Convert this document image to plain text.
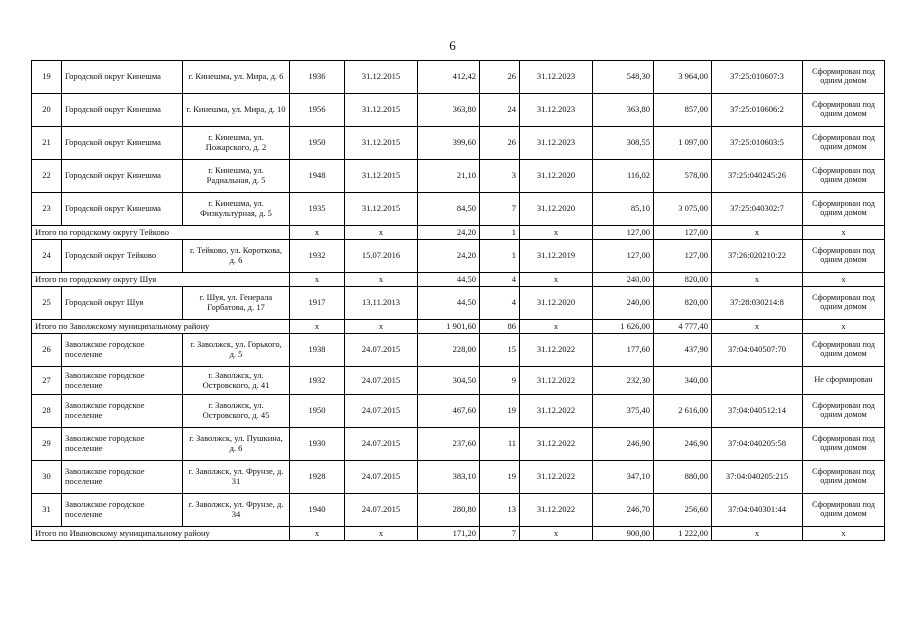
6
19	Городской округ Кинешма	г. Кинешма, ул. Мира, д. 6	1936	31.12.2015	412,42	26	31.12.2023	548,30	3 964,00	37:25:010607:3	Сформирован под одним домом
20	Городской округ Кинешма	г. Кинешма, ул. Мира, д. 10	1956	31.12.2015	363,80	24	31.12.2023	363,80	857,00	37:25:010606:2	Сформирован под одним домом
21	Городской округ Кинешма	г. Кинешма, ул. Пожарского, д. 2	1950	31.12.2015	399,60	26	31.12.2023	308,55	1 097,00	37:25:010603:5	Сформирован под одним домом
22	Городской округ Кинешма	г. Кинешма, ул. Радиальная, д. 5	1948	31.12.2015	21,10	3	31.12.2020	116,02	578,00	37:25:040245:26	Сформирован под одним домом
23	Городской округ Кинешма	г. Кинешма, ул. Физкультурная, д. 5	1935	31.12.2015	84,50	7	31.12.2020	85,10	3 075,00	37:25:040302:7	Сформирован под одним домом
Итого по городскому округу Тейково			x	x	24,20	1	x	127,00	127,00	x	x
24	Городской округ Тейково	г. Тейково, ул. Короткова, д. 6	1932	15.07.2016	24,20	1	31.12.2019	127,00	127,00	37:26:020210:22	Сформирован под одним домом
Итого по городскому округу Шуя			x	x	44,50	4	x	240,00	820,00	x	x
25	Городской округ Шуя	г. Шуя, ул. Генерала Горбатова, д. 17	1917	13.11.2013	44,50	4	31.12.2020	240,00	820,00	37:28:030214:8	Сформирован под одним домом
Итого по Заволжскому муниципальному району			x	x	1 901,60	86	x	1 626,00	4 777,40	x	x
26	Заволжское городское поселение	г. Заволжск, ул. Горького, д. 5	1938	24.07.2015	228,00	15	31.12.2022	177,60	437,90	37:04:040507:70	Сформирован под одним домом
27	Заволжское городское поселение	г. Заволжск, ул. Островского, д. 41	1932	24.07.2015	304,50	9	31.12.2022	232,30	340,00		Не сформирован
28	Заволжское городское поселение	г. Заволжск, ул. Островского, д. 45	1950	24.07.2015	467,60	19	31.12.2022	375,40	2 616,00	37:04:040512:14	Сформирован под одним домом
29	Заволжское городское поселение	г. Заволжск, ул. Пушкина, д. 6	1930	24.07.2015	237,60	11	31.12.2022	246,90	246,90	37:04:040205:58	Сформирован под одним домом
30	Заволжское городское поселение	г. Заволжск, ул. Фрунзе, д. 31	1928	24.07.2015	383,10	19	31.12.2022	347,10	880,00	37:04:040205:215	Сформирован под одним домом
31	Заволжское городское поселение	г. Заволжск, ул. Фрунзе, д. 34	1940	24.07.2015	280,80	13	31.12.2022	246,70	256,60	37:04:040301:44	Сформирован под одним домом
Итого по Ивановскому муниципальному району			x	x	171,20	7	x	900,00	1 222,00	x	x
